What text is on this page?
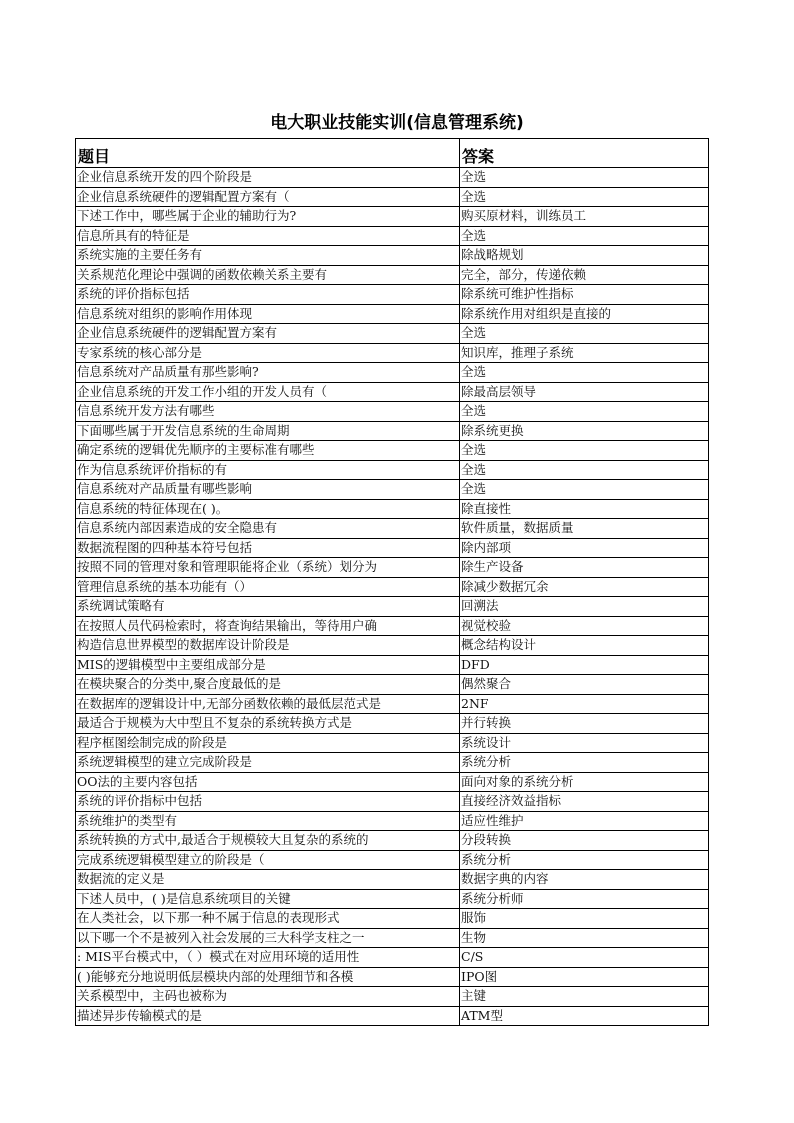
电大职业技能实训(信息管理系统)
题目	答案
企业信息系统开发的四个阶段是	全选
企业信息系统硬件的逻辑配置方案有（	全选
下述工作中，哪些属于企业的辅助行为?	购买原材料，训练员工
信息所具有的特征是	全选
系统实施的主要任务有	除战略规划
关系规范化理论中强调的函数依赖关系主要有	完全，部分，传递依赖
系统的评价指标包括	除系统可维护性指标
信息系统对组织的影响作用体现	除系统作用对组织是直接的
企业信息系统硬件的逻辑配置方案有	全选
专家系统的核心部分是	知识库，推理子系统
信息系统对产品质量有那些影响?	全选
企业信息系统的开发工作小组的开发人员有（	除最高层领导
信息系统开发方法有哪些	全选
下面哪些属于开发信息系统的生命周期	除系统更换
确定系统的逻辑优先顺序的主要标准有哪些	全选
作为信息系统评价指标的有	全选
信息系统对产品质量有哪些影响	全选
信息系统的特征体现在( )。	除直接性
信息系统内部因素造成的安全隐患有	软件质量，数据质量
数据流程图的四种基本符号包括	除内部项
按照不同的管理对象和管理职能将企业（系统）划分为	除生产设备
管理信息系统的基本功能有（）	除减少数据冗余
系统调试策略有	回溯法
在按照人员代码检索时，将查询结果输出，等待用户确	视觉校验
构造信息世界模型的数据库设计阶段是	概念结构设计
MIS的逻辑模型中主要组成部分是	DFD
在模块聚合的分类中,聚合度最低的是	偶然聚合
在数据库的逻辑设计中,无部分函数依赖的最低层范式是	2NF
最适合于规模为大中型且不复杂的系统转换方式是	并行转换
程序框图绘制完成的阶段是	系统设计
系统逻辑模型的建立完成阶段是	系统分析
OO法的主要内容包括	面向对象的系统分析
系统的评价指标中包括	直接经济效益指标
系统维护的类型有	适应性维护
系统转换的方式中,最适合于规模较大且复杂的系统的	分段转换
完成系统逻辑模型建立的阶段是（	系统分析
数据流的定义是	数据字典的内容
下述人员中，( )是信息系统项目的关键	系统分析师
在人类社会，以下那一种不属于信息的表现形式	服饰
以下哪一个不是被列入社会发展的三大科学支柱之一	生物
: MIS平台模式中，（ ）模式在对应用环境的适用性	C/S
( )能够充分地说明低层模块内部的处理细节和各模	IPO图
关系模型中，主码也被称为	主键
描述异步传输模式的是	ATM型
